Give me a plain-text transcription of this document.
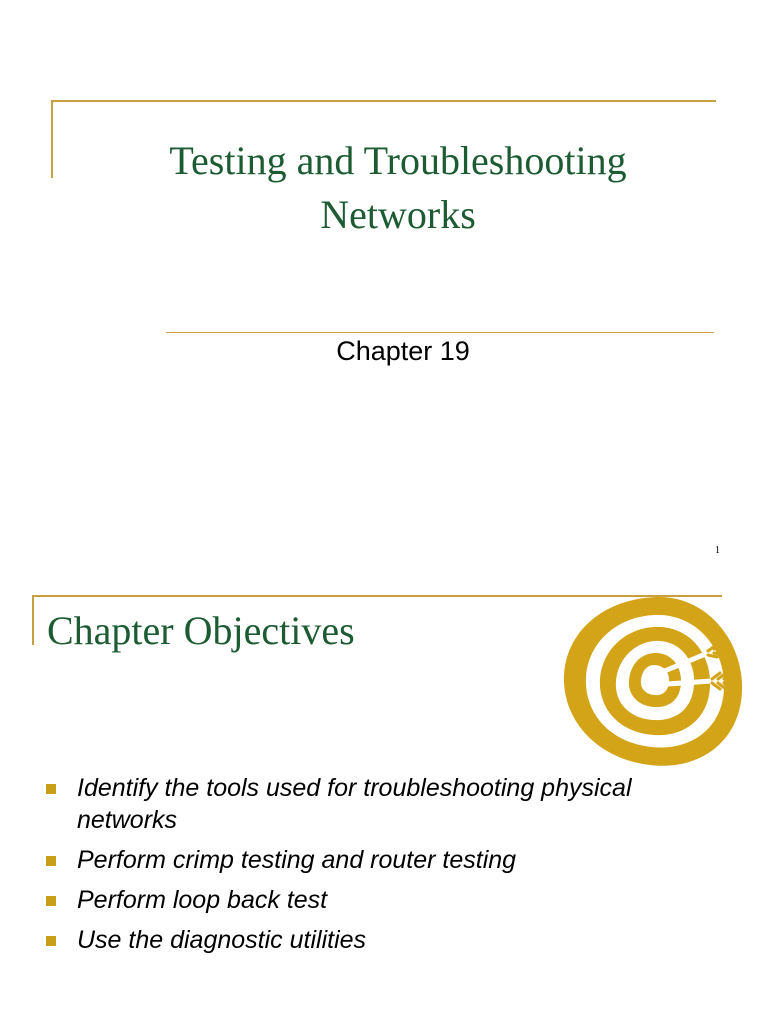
Testing and Troubleshooting
Networks
Chapter 19
1
Chapter Objectives
Identify the tools used for troubleshooting physical networks
Perform crimp testing and router testing
Perform loop back test
Use the diagnostic utilities
